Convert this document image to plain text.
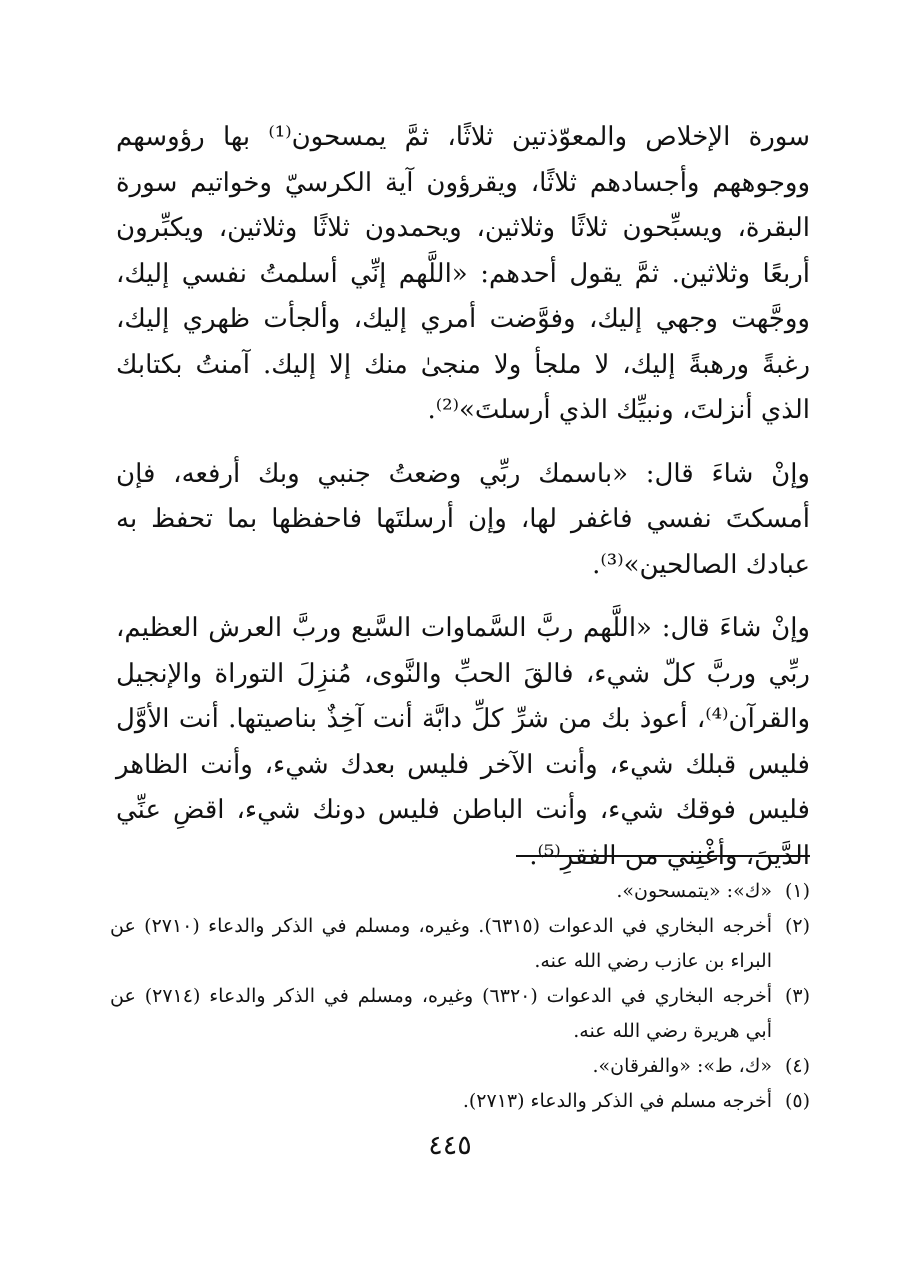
سورة الإخلاص والمعوّذتين ثلاثًا، ثمَّ يمسحون⁽¹⁾ بها رؤوسهم ووجوههم وأجسادهم ثلاثًا، ويقرؤون آية الكرسيّ وخواتيم سورة البقرة، ويسبِّحون ثلاثًا وثلاثين، ويحمدون ثلاثًا وثلاثين، ويكبِّرون أربعًا وثلاثين. ثمَّ يقول أحدهم: «اللَّهم إنِّي أسلمتُ نفسي إليك، ووجَّهت وجهي إليك، وفوَّضت أمري إليك، وألجأت ظهري إليك، رغبةً ورهبةً إليك، لا ملجأ ولا منجىٰ منك إلا إليك. آمنتُ بكتابك الذي أنزلتَ، ونبيِّك الذي أرسلتَ»⁽²⁾.

وإنْ شاءَ قال: «باسمك ربِّي وضعتُ جنبي وبك أرفعه، فإن أمسكتَ نفسي فاغفر لها، وإن أرسلتَها فاحفظها بما تحفظ به عبادك الصالحين»⁽³⁾.

وإنْ شاءَ قال: «اللَّهم ربَّ السَّماوات السَّبع وربَّ العرش العظيم، ربِّي وربَّ كلّ شيء، فالقَ الحبِّ والنَّوى، مُنزِلَ التوراة والإنجيل والقرآن⁽⁴⁾، أعوذ بك من شرِّ كلِّ دابَّة أنت آخِذٌ بناصيتها. أنت الأوَّل فليس قبلك شيء، وأنت الآخر فليس بعدك شيء، وأنت الظاهر فليس فوقك شيء، وأنت الباطن فليس دونك شيء، اقضِ عنِّي الدَّينَ، وأغْنِني من الفقرِ⁽⁵⁾.

(١)
«ك»: «يتمسحون».
(٢)
أخرجه البخاري في الدعوات (٦٣١٥). وغيره، ومسلم في الذكر والدعاء (٢٧١٠) عن البراء بن عازب رضي الله عنه.
(٣)
أخرجه البخاري في الدعوات (٦٣٢٠) وغيره، ومسلم في الذكر والدعاء (٢٧١٤) عن أبي هريرة رضي الله عنه.
(٤)
«ك، ط»: «والفرقان».
(٥)
أخرجه مسلم في الذكر والدعاء (٢٧١٣).
٤٤٥
